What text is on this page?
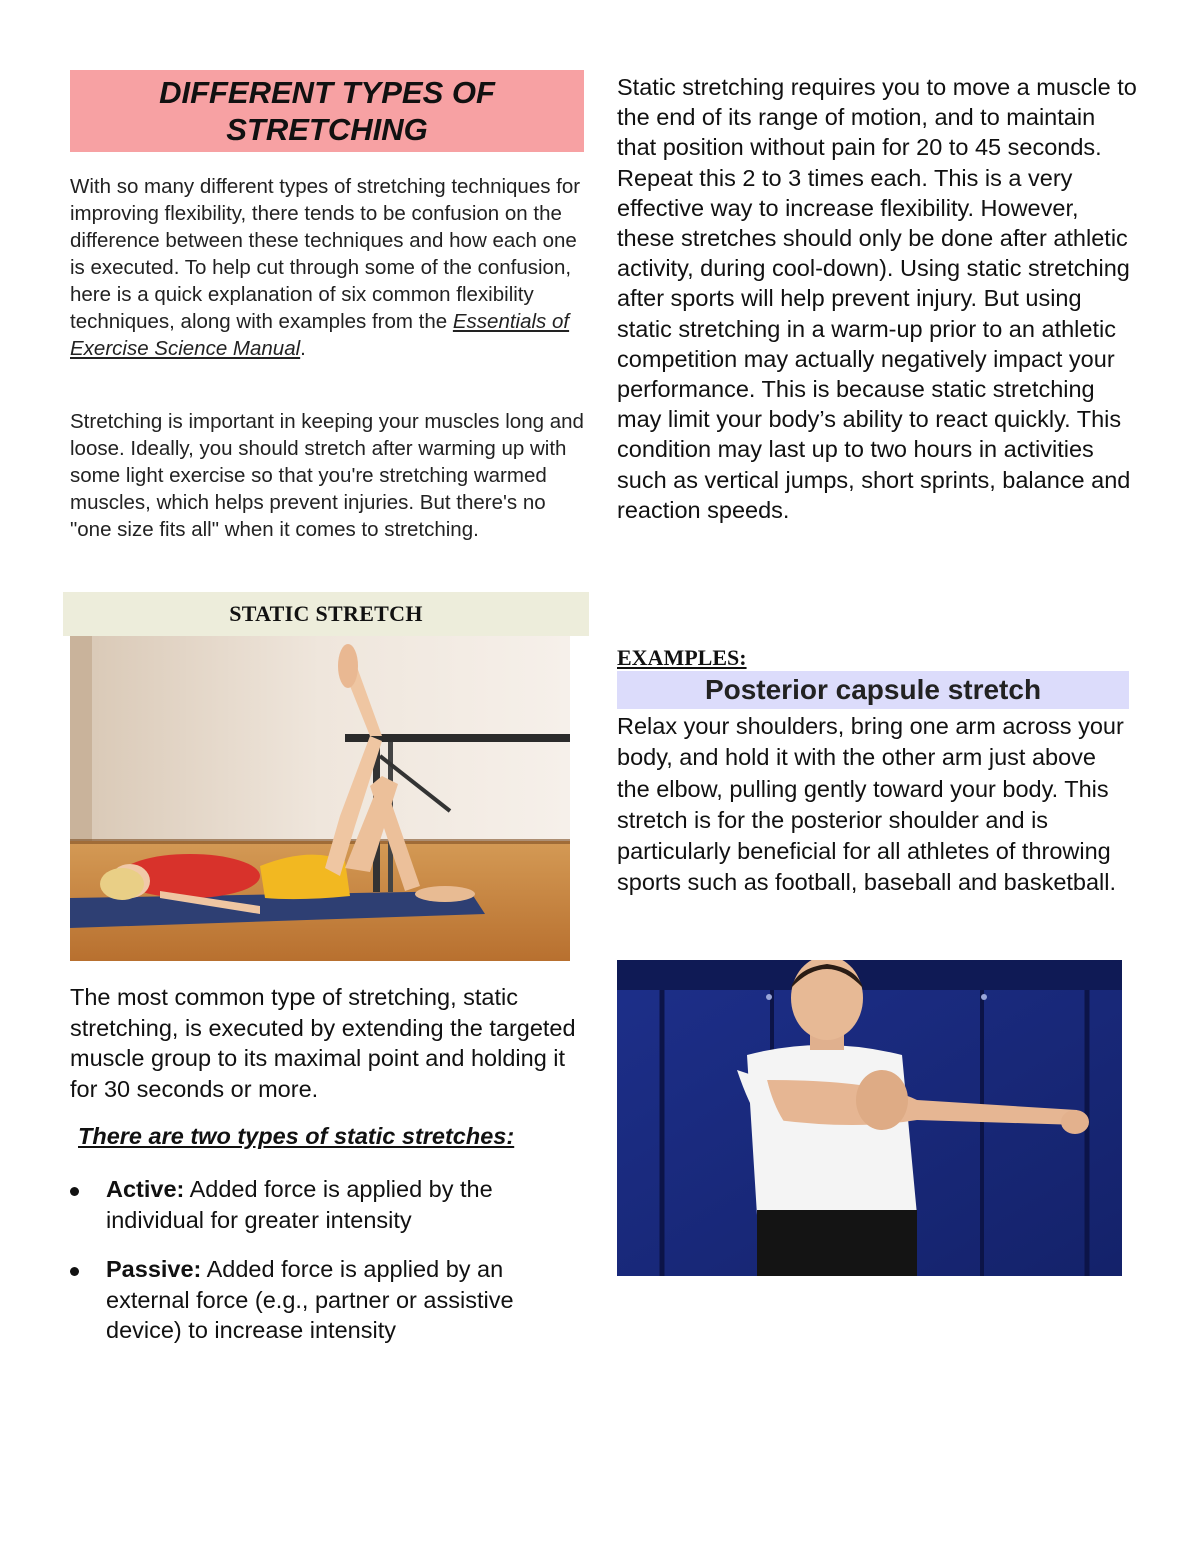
DIFFERENT TYPES OF STRETCHING
With so many different types of stretching techniques for improving flexibility, there tends to be confusion on the difference between these techniques and how each one is executed. To help cut through some of the confusion, here is a quick explanation of six common flexibility techniques, along with examples from the Essentials of Exercise Science Manual.
Stretching is important in keeping your muscles long and loose. Ideally, you should stretch after warming up with some light exercise so that you're stretching warmed muscles, which helps prevent injuries. But there's no "one size fits all" when it comes to stretching.
STATIC STRETCH
The most common type of stretching, static stretching, is executed by extending the targeted muscle group to its maximal point and holding it for 30 seconds or more.
There are two types of static stretches:
Active: Added force is applied by the individual for greater intensity
Passive: Added force is applied by an external force (e.g., partner or assistive device) to increase intensity
Static stretching requires you to move a muscle to the end of its range of motion, and to maintain that position without pain for 20 to 45 seconds. Repeat this 2 to 3 times each. This is a very effective way to increase flexibility. However, these stretches should only be done after athletic activity, during cool-down). Using static stretching after sports will help prevent injury. But using static stretching in a warm-up prior to an athletic competition may actually negatively impact your performance. This is because static stretching may limit your body’s ability to react quickly. This condition may last up to two hours in activities such as vertical jumps, short sprints, balance and reaction speeds.
EXAMPLES:
Posterior capsule stretch
Relax your shoulders, bring one arm across your body, and hold it with the other arm just above the elbow, pulling gently toward your body. This stretch is for the posterior shoulder and is particularly beneficial for all athletes of throwing sports such as football, baseball and basketball.
